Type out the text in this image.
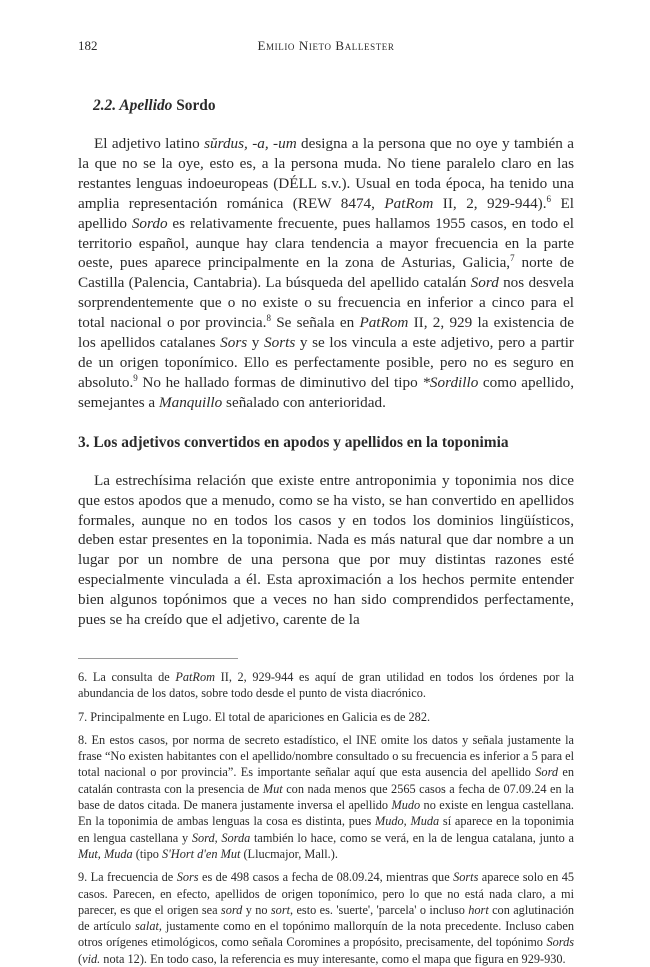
182	Emilio Nieto Ballester
2.2. Apellido Sordo

El adjetivo latino sŭrdus, -a, -um designa a la persona que no oye y también a la que no se la oye, esto es, a la persona muda. No tiene paralelo claro en las restantes lenguas indoeuropeas (DÉLL s.v.). Usual en toda época, ha tenido una amplia representación románica (REW 8474, PatRom II, 2, 929-944).$^6$ El apellido Sordo es relativamente frecuente, pues hallamos 1955 casos, en todo el territorio español, aunque hay clara tendencia a mayor frecuencia en la parte oeste, pues aparece principalmente en la zona de Asturias, Galicia,$^7$ norte de Castilla (Palencia, Cantabria). La búsqueda del apellido catalán Sord nos desvela sorprendentemente que o no existe o su frecuencia en inferior a cinco para el total nacional o por provincia.$^8$ Se señala en PatRom II, 2, 929 la existencia de los apellidos catalanes Sors y Sorts y se los vincula a este adjetivo, pero a partir de un origen toponímico. Ello es perfectamente posible, pero no es seguro en absoluto.$^9$ No he hallado formas de diminutivo del tipo *Sordillo como apellido, semejantes a Manquillo señalado con anterioridad.

3. Los adjetivos convertidos en apodos y apellidos en la toponimia

La estrechísima relación que existe entre antroponimia y toponimia nos dice que estos apodos que a menudo, como se ha visto, se han convertido en apellidos formales, aunque no en todos los casos y en todos los dominios lingüísticos, deben estar presentes en la toponimia. Nada es más natural que dar nombre a un lugar por un nombre de una persona que por muy distintas razones esté especialmente vinculada a él. Esta aproximación a los hechos permite entender bien algunos topónimos que a veces no han sido comprendidos perfectamente, pues se ha creído que el adjetivo, carente de la

6. La consulta de PatRom II, 2, 929-944 es aquí de gran utilidad en todos los órdenes por la abundancia de los datos, sobre todo desde el punto de vista diacrónico.

7. Principalmente en Lugo. El total de apariciones en Galicia es de 282.

8. En estos casos, por norma de secreto estadístico, el INE omite los datos y señala justamente la frase “No existen habitantes con el apellido/nombre consultado o su frecuencia es inferior a 5 para el total nacional o por provincia”. Es importante señalar aquí que esta ausencia del apellido Sord en catalán contrasta con la presencia de Mut con nada menos que 2565 casos a fecha de 07.09.24 en la base de datos citada. De manera justamente inversa el apellido Mudo no existe en lengua castellana. En la toponimia de ambas lenguas la cosa es distinta, pues Mudo, Muda sí aparece en la toponimia en lengua castellana y Sord, Sorda también lo hace, como se verá, en la de lengua catalana, junto a Mut, Muda (tipo S'Hort d'en Mut (Llucmajor, Mall.).

9. La frecuencia de Sors es de 498 casos a fecha de 08.09.24, mientras que Sorts aparece solo en 45 casos. Parecen, en efecto, apellidos de origen toponímico, pero lo que no está nada claro, a mi parecer, es que el origen sea sord y no sort, esto es. 'suerte', 'parcela' o incluso hort con aglutinación de artículo salat, justamente como en el topónimo mallorquín de la nota precedente. Incluso caben otros orígenes etimológicos, como señala Coromines a propósito, precisamente, del topónimo Sords (vid. nota 12). En todo caso, la referencia es muy interesante, como el mapa que figura en 929-930.
